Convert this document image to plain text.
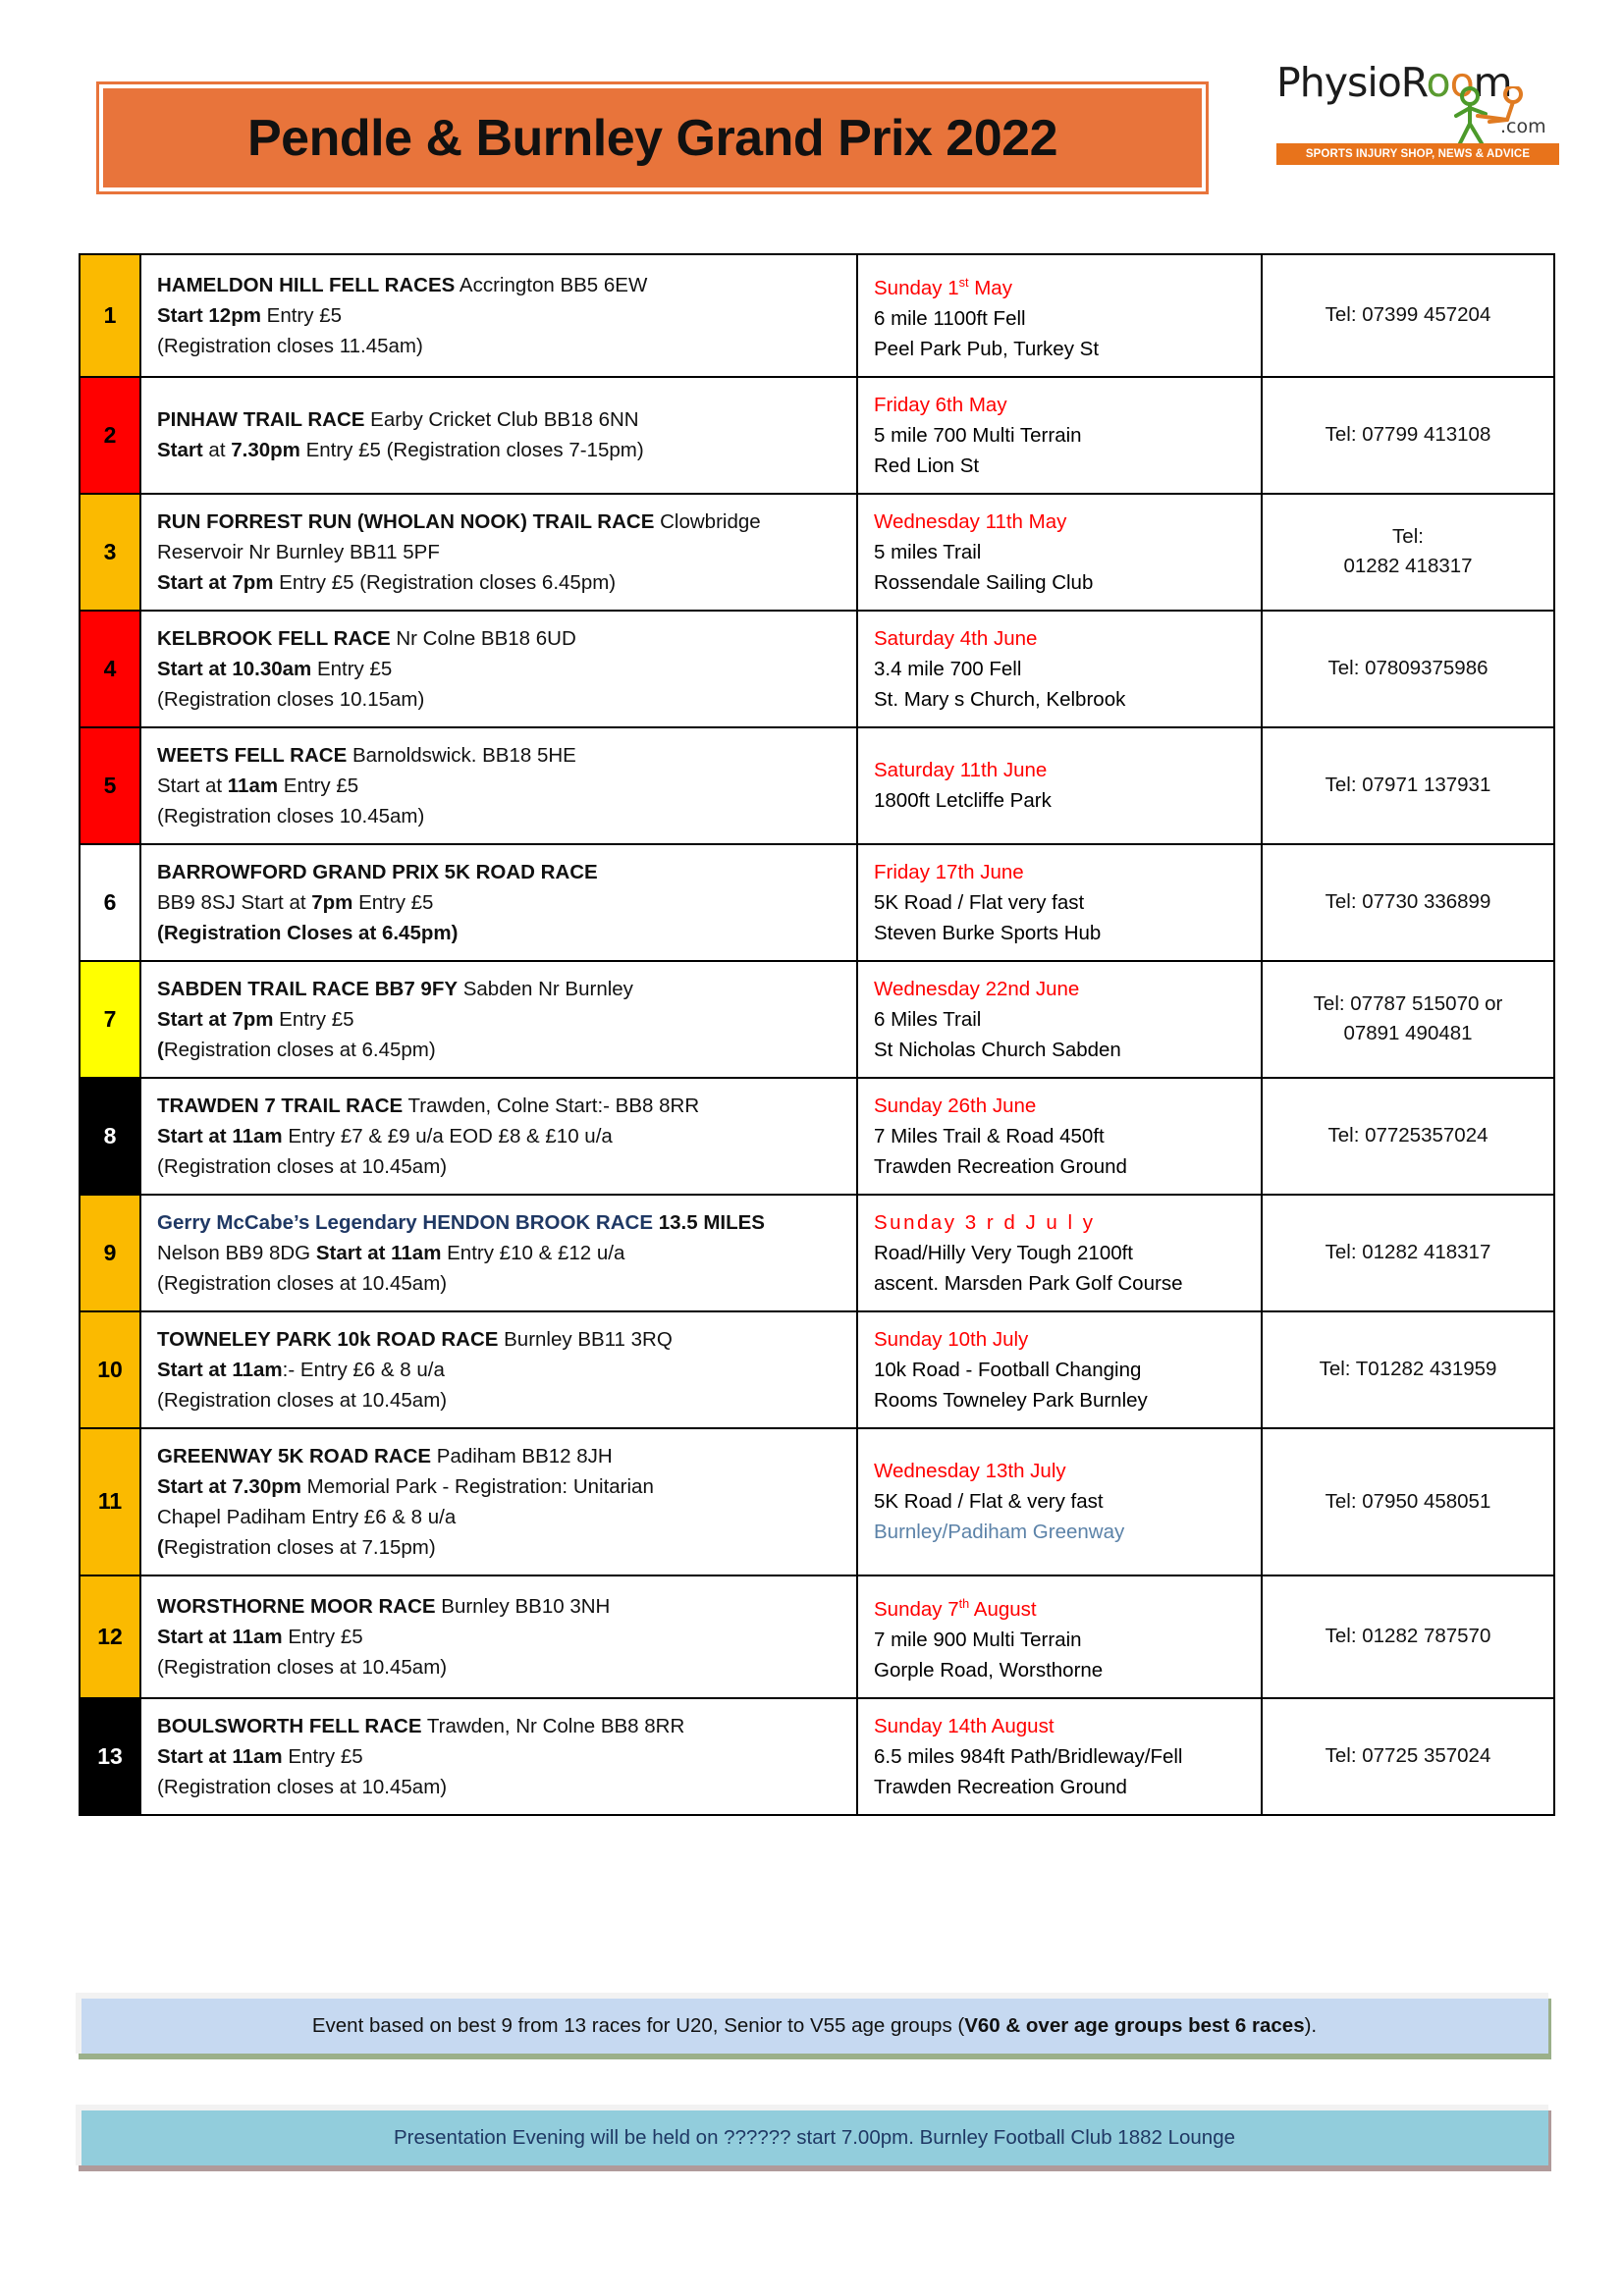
Pendle & Burnley Grand Prix 2022
PhysioRoom
.com
SPORTS INJURY SHOP, NEWS & ADVICE
1	
HAMELDON HILL FELL RACES Accrington BB5 6EW
Start 12pm Entry £5
(Registration closes 11.45am)

Sunday 1st May
6 mile 1100ft Fell
Peel Park Pub, Turkey St

Tel: 07399 457204

2	
PINHAW TRAIL RACE Earby Cricket Club BB18 6NN
Start at 7.30pm Entry £5 (Registration closes 7-15pm)

Friday 6th May
5 mile 700 Multi Terrain
Red Lion St

Tel: 07799 413108

3	
RUN FORREST RUN (WHOLAN NOOK) TRAIL RACE Clowbridge
Reservoir Nr Burnley BB11 5PF
Start at 7pm Entry £5 (Registration closes 6.45pm)

Wednesday 11th May
5 miles Trail
Rossendale Sailing Club

Tel:
01282 418317

4	
KELBROOK FELL RACE Nr Colne BB18 6UD
Start at 10.30am Entry £5
(Registration closes 10.15am)

Saturday 4th June
3.4 mile 700 Fell
St. Mary s Church, Kelbrook

Tel: 07809375986

5	
WEETS FELL RACE Barnoldswick. BB18 5HE
Start at 11am Entry £5
(Registration closes 10.45am)

Saturday 11th June
1800ft Letcliffe Park

Tel: 07971 137931

6	
BARROWFORD GRAND PRIX 5K ROAD RACE
BB9 8SJ Start at 7pm Entry £5
(Registration Closes at 6.45pm)

Friday 17th June
5K Road / Flat very fast
Steven Burke Sports Hub

Tel: 07730 336899

7	
SABDEN TRAIL RACE BB7 9FY Sabden Nr Burnley
Start at 7pm Entry £5
(Registration closes at 6.45pm)

Wednesday 22nd June
6 Miles Trail
St Nicholas Church Sabden

Tel: 07787 515070 or
07891 490481

8	
TRAWDEN 7 TRAIL RACE Trawden, Colne Start:- BB8 8RR
Start at 11am Entry £7 & £9 u/a EOD £8 & £10 u/a
(Registration closes at 10.45am)

Sunday 26th June
7 Miles Trail & Road 450ft
Trawden Recreation Ground

Tel: 07725357024

9	
Gerry McCabe’s Legendary HENDON BROOK RACE 13.5 MILES
Nelson BB9 8DG Start at 11am Entry £10 & £12 u/a
(Registration closes at 10.45am)

Sunday 3 r d J u l y
Road/Hilly Very Tough 2100ft
ascent. Marsden Park Golf Course

Tel: 01282 418317

10	
TOWNELEY PARK 10k ROAD RACE Burnley BB11 3RQ
Start at 11am:- Entry £6 & 8 u/a
(Registration closes at 10.45am)

Sunday 10th July
10k Road - Football Changing
Rooms Towneley Park Burnley

Tel: T01282 431959

11	
GREENWAY 5K ROAD RACE Padiham BB12 8JH
Start at 7.30pm Memorial Park - Registration: Unitarian
Chapel Padiham Entry £6 & 8 u/a
(Registration closes at 7.15pm)

Wednesday 13th July
5K Road / Flat & very fast
Burnley/Padiham Greenway

Tel: 07950 458051

12	
WORSTHORNE MOOR RACE Burnley BB10 3NH
Start at 11am Entry £5
(Registration closes at 10.45am)

Sunday 7th August
7 mile 900 Multi Terrain
Gorple Road, Worsthorne

Tel: 01282 787570

13	
BOULSWORTH FELL RACE Trawden, Nr Colne BB8 8RR
Start at 11am Entry £5
(Registration closes at 10.45am)

Sunday 14th August
6.5 miles 984ft Path/Bridleway/Fell
Trawden Recreation Ground

Tel: 07725 357024
Event based on best 9 from 13 races for U20, Senior to V55 age groups (V60 & over age groups best 6 races).
Presentation Evening will be held on ?????? start 7.00pm. Burnley Football Club 1882 Lounge
